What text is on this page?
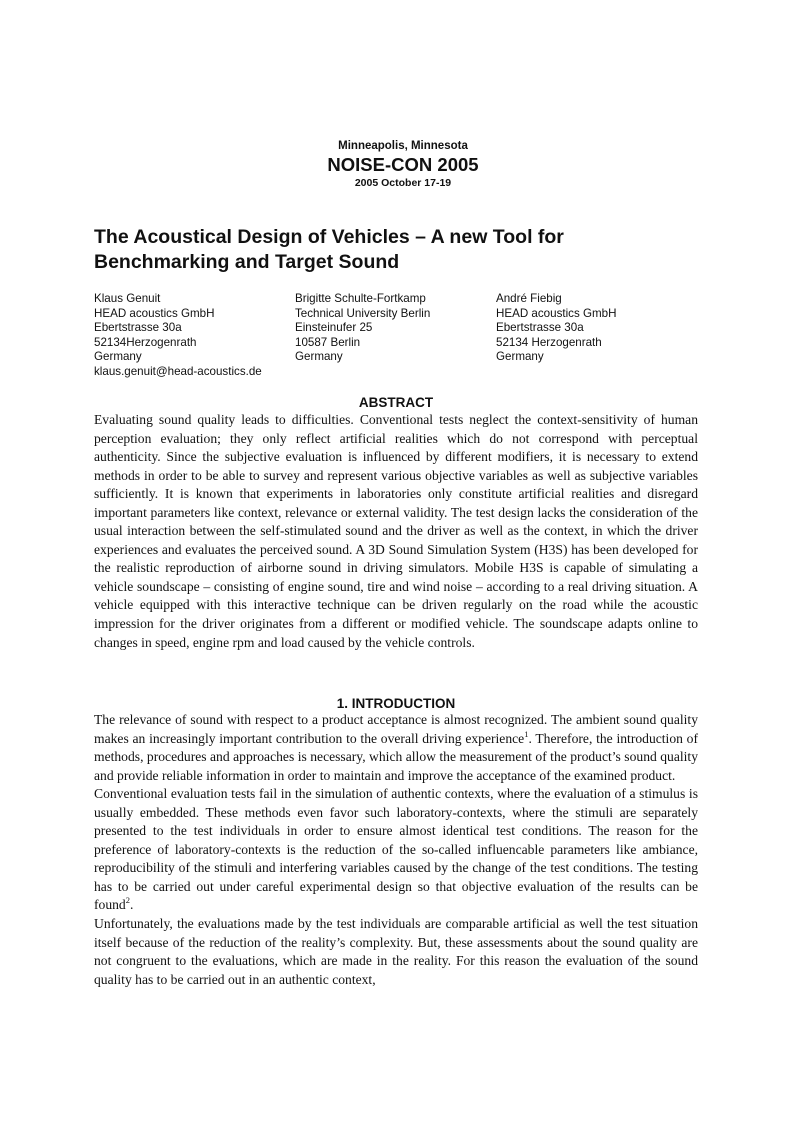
Minneapolis, Minnesota
NOISE-CON 2005
2005 October 17-19
The Acoustical Design of Vehicles – A new Tool for
Benchmarking and Target Sound
Klaus Genuit
HEAD acoustics GmbH
Ebertstrasse 30a
52134Herzogenrath
Germany
klaus.genuit@head-acoustics.de
Brigitte Schulte-Fortkamp
Technical University Berlin
Einsteinufer 25
10587 Berlin
Germany
André Fiebig
HEAD acoustics GmbH
Ebertstrasse 30a
52134 Herzogenrath
Germany
ABSTRACT

Evaluating sound quality leads to difficulties. Conventional tests neglect the context-sensitivity of human perception evaluation; they only reflect artificial realities which do not correspond with perceptual authenticity. Since the subjective evaluation is influenced by different modifiers, it is necessary to extend methods in order to be able to survey and represent various objective variables as well as subjective variables sufficiently. It is known that experiments in laboratories only constitute artificial realities and disregard important parameters like context, relevance or external validity. The test design lacks the consideration of the usual interaction between the self-stimulated sound and the driver as well as the context, in which the driver experiences and evaluates the perceived sound. A 3D Sound Simulation System (H3S) has been developed for the realistic reproduction of airborne sound in driving simulators. Mobile H3S is capable of simulating a vehicle soundscape – consisting of engine sound, tire and wind noise – according to a real driving situation. A vehicle equipped with this interactive technique can be driven regularly on the road while the acoustic impression for the driver originates from a different or modified vehicle. The soundscape adapts online to changes in speed, engine rpm and load caused by the vehicle controls.

1. INTRODUCTION
The relevance of sound with respect to a product acceptance is almost recognized. The ambient sound quality makes an increasingly important contribution to the overall driving experience$^1$. Therefore, the introduction of methods, procedures and approaches is necessary, which allow the measurement of the product’s sound quality and provide reliable information in order to maintain and improve the acceptance of the examined product.
Conventional evaluation tests fail in the simulation of authentic contexts, where the evaluation of a stimulus is usually embedded. These methods even favor such laboratory-contexts, where the stimuli are separately presented to the test individuals in order to ensure almost identical test conditions. The reason for the preference of laboratory-contexts is the reduction of the so-called influencable parameters like ambiance, reproducibility of the stimuli and interfering variables caused by the change of the test conditions. The testing has to be carried out under careful experimental design so that objective evaluation of the results can be found$^2$.
Unfortunately, the evaluations made by the test individuals are comparable artificial as well the test situation itself because of the reduction of the reality’s complexity. But, these assessments about the sound quality are not congruent to the evaluations, which are made in the reality. For this reason the evaluation of the sound quality has to be carried out in an authentic context,
